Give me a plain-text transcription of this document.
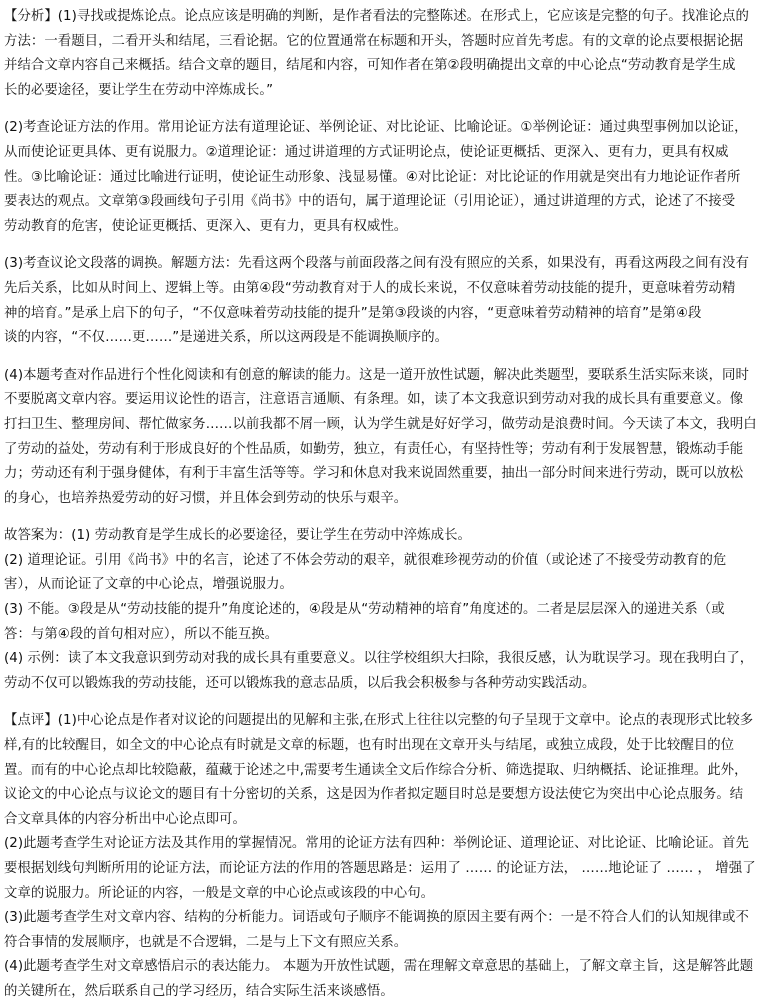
【分析】(1)寻找或提炼论点。论点应该是明确的判断，是作者看法的完整陈述。在形式上，它应该是完整的句子。找准论点的
方法：一看题目，二看开头和结尾，三看论据。它的位置通常在标题和开头，答题时应首先考虑。有的文章的论点要根据论据
并结合文章内容自己来概括。结合文章的题目，结尾和内容，可知作者在第②段明确提出文章的中心论点“劳动教育是学生成
长的必要途径，要让学生在劳动中淬炼成长。”

(2)考查论证方法的作用。常用论证方法有道理论证、举例论证、对比论证、比喻论证。①举例论证：通过典型事例加以论证，
从而使论证更具体、更有说服力。②道理论证：通过讲道理的方式证明论点，使论证更概括、更深入、更有力，更具有权威
性。③比喻论证：通过比喻进行证明，使论证生动形象、浅显易懂。④对比论证：对比论证的作用就是突出有力地论证作者所
要表达的观点。文章第③段画线句子引用《尚书》中的语句，属于道理论证（引用论证），通过讲道理的方式，论述了不接受
劳动教育的危害，使论证更概括、更深入、更有力，更具有权威性。

(3)考查议论文段落的调换。解题方法：先看这两个段落与前面段落之间有没有照应的关系，如果没有，再看这两段之间有没有
先后关系，比如从时间上、逻辑上等。由第④段“劳动教育对于人的成长来说，不仅意味着劳动技能的提升，更意味着劳动精
神的培育。”是承上启下的句子，“不仅意味着劳动技能的提升”是第③段谈的内容，“更意味着劳动精神的培育”是第④段
谈的内容，“不仅……更……”是递进关系，所以这两段是不能调换顺序的。

(4)本题考查对作品进行个性化阅读和有创意的解读的能力。这是一道开放性试题，解决此类题型，要联系生活实际来谈，同时
不要脱离文章内容。要运用议论性的语言，注意语言通顺、有条理。如，读了本文我意识到劳动对我的成长具有重要意义。像
打扫卫生、整理房间、帮忙做家务……以前我都不屑一顾，认为学生就是好好学习，做劳动是浪费时间。今天读了本文，我明白
了劳动的益处，劳动有利于形成良好的个性品质，如勤劳，独立，有责任心，有坚持性等；劳动有利于发展智慧，锻炼动手能
力；劳动还有利于强身健体，有利于丰富生活等等。学习和休息对我来说固然重要，抽出一部分时间来进行劳动，既可以放松
的身心，也培养热爱劳动的好习惯，并且体会到劳动的快乐与艰辛。

故答案为：(1) 劳动教育是学生成长的必要途径，要让学生在劳动中淬炼成长。
(2) 道理论证。引用《尚书》中的名言，论述了不体会劳动的艰辛，就很难珍视劳动的价值（或论述了不接受劳动教育的危
害），从而论证了文章的中心论点，增强说服力。
(3) 不能。③段是从“劳动技能的提升”角度论述的，④段是从“劳动精神的培育”角度述的。二者是层层深入的递进关系（或
答：与第④段的首句相对应），所以不能互换。
(4) 示例：读了本文我意识到劳动对我的成长具有重要意义。以往学校组织大扫除，我很反感，认为耽误学习。现在我明白了，
劳动不仅可以锻炼我的劳动技能，还可以锻炼我的意志品质，以后我会积极参与各种劳动实践活动。

【点评】(1)中心论点是作者对议论的问题提出的见解和主张,在形式上往往以完整的句子呈现于文章中。论点的表现形式比较多
样,有的比较醒目，如全文的中心论点有时就是文章的标题，也有时出现在文章开头与结尾，或独立成段，处于比较醒目的位
置。而有的中心论点却比较隐蔽，蕴藏于论述之中,需要考生通读全文后作综合分析、筛选提取、归纳概括、论证推理。此外，
议论文的中心论点与议论文的题目有十分密切的关系，这是因为作者拟定题目时总是要想方设法使它为突出中心论点服务。结
合文章具体的内容分析出中心论点即可。
(2)此题考查学生对论证方法及其作用的掌握情况。常用的论证方法有四种：举例论证、道理论证、对比论证、比喻论证。首先
要根据划线句判断所用的论证方法，而论证方法的作用的答题思路是：运用了 …… 的论证方法， ……地论证了 …… ， 增强了
文章的说服力。所论证的内容，一般是文章的中心论点或该段的中心句。
(3)此题考查学生对文章内容、结构的分析能力。词语或句子顺序不能调换的原因主要有两个：一是不符合人们的认知规律或不
符合事情的发展顺序，也就是不合逻辑，二是与上下文有照应关系。
(4)此题考查学生对文章感悟启示的表达能力。 本题为开放性试题，需在理解文章意思的基础上，了解文章主旨，这是解答此题
的关键所在，然后联系自己的学习经历，结合实际生活来谈感悟。
